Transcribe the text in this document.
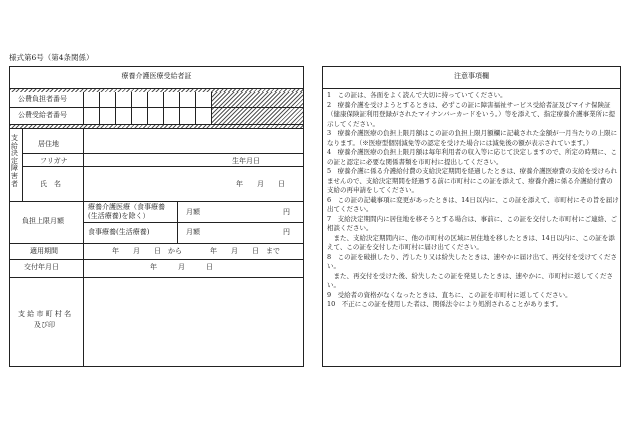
様式第6号（第4条関係）
療養介護医療受給者証
公費負担者番号
公費受給者番号
支給決定障害者
居住地
フリガナ	生年月日
氏　名	年　　月　　日
負担上限月額
療養介護医療（食事療養(生活療養)を除く）	月額	円
食事療養(生活療養)	月額	円
適用期間	年　　月　　日　から　　　　年　　月　　日　まで
交付年月日	年　　　月　　　日
支 給 市 町 村 名
及び印
注意事項欄

1　この証は、各面をよく読んで大切に持っていてください。

2　療養介護を受けようとするときは、必ずこの証に障害福祉サービス受給者証及びマイナ保険証（健康保険証利用登録がされたマイナンバーカードをいう。）等を添えて、指定療養介護事業所に提示してください。

3　療養介護医療の負担上限月額はこの証の負担上限月額欄に記載された金額が一月当たりの上限になります。（※医療型個別減免等の認定を受けた場合には減免後の額が表示されています。）

4　療養介護医療の負担上限月額は毎年利用者の収入等に応じて決定しますので、所定の時期に、この証と認定に必要な関係書類を市町村に提出してください。

5　療養介護に係る介護給付費の支給決定期間を経過したときは、療養介護医療費の支給を受けられませんので、支給決定期間を経過する前に市町村にこの証を添えて、療養介護に係る介護給付費の支給の再申請をしてください。

6　この証の記載事項に変更があったときは、14日以内に、この証を添えて、市町村にその旨を届け出てください。

7　支給決定期間内に居住地を移そうとする場合は、事前に、この証を交付した市町村にご連絡、ご相談ください。

　また、支給決定期間内に、他の市町村の区域に居住地を移したときは、14日以内に、この証を添えて、この証を交付した市町村に届け出てください。

8　この証を破損したり、汚したり又は紛失したときは、速やかに届け出て、再交付を受けてください。

　また、再交付を受けた後、紛失したこの証を発見したときは、速やかに、市町村に返してください。

9　受給者の資格がなくなったときは、直ちに、この証を市町村に返してください。

10　不正にこの証を使用した者は、関係法令により処罰されることがあります。
